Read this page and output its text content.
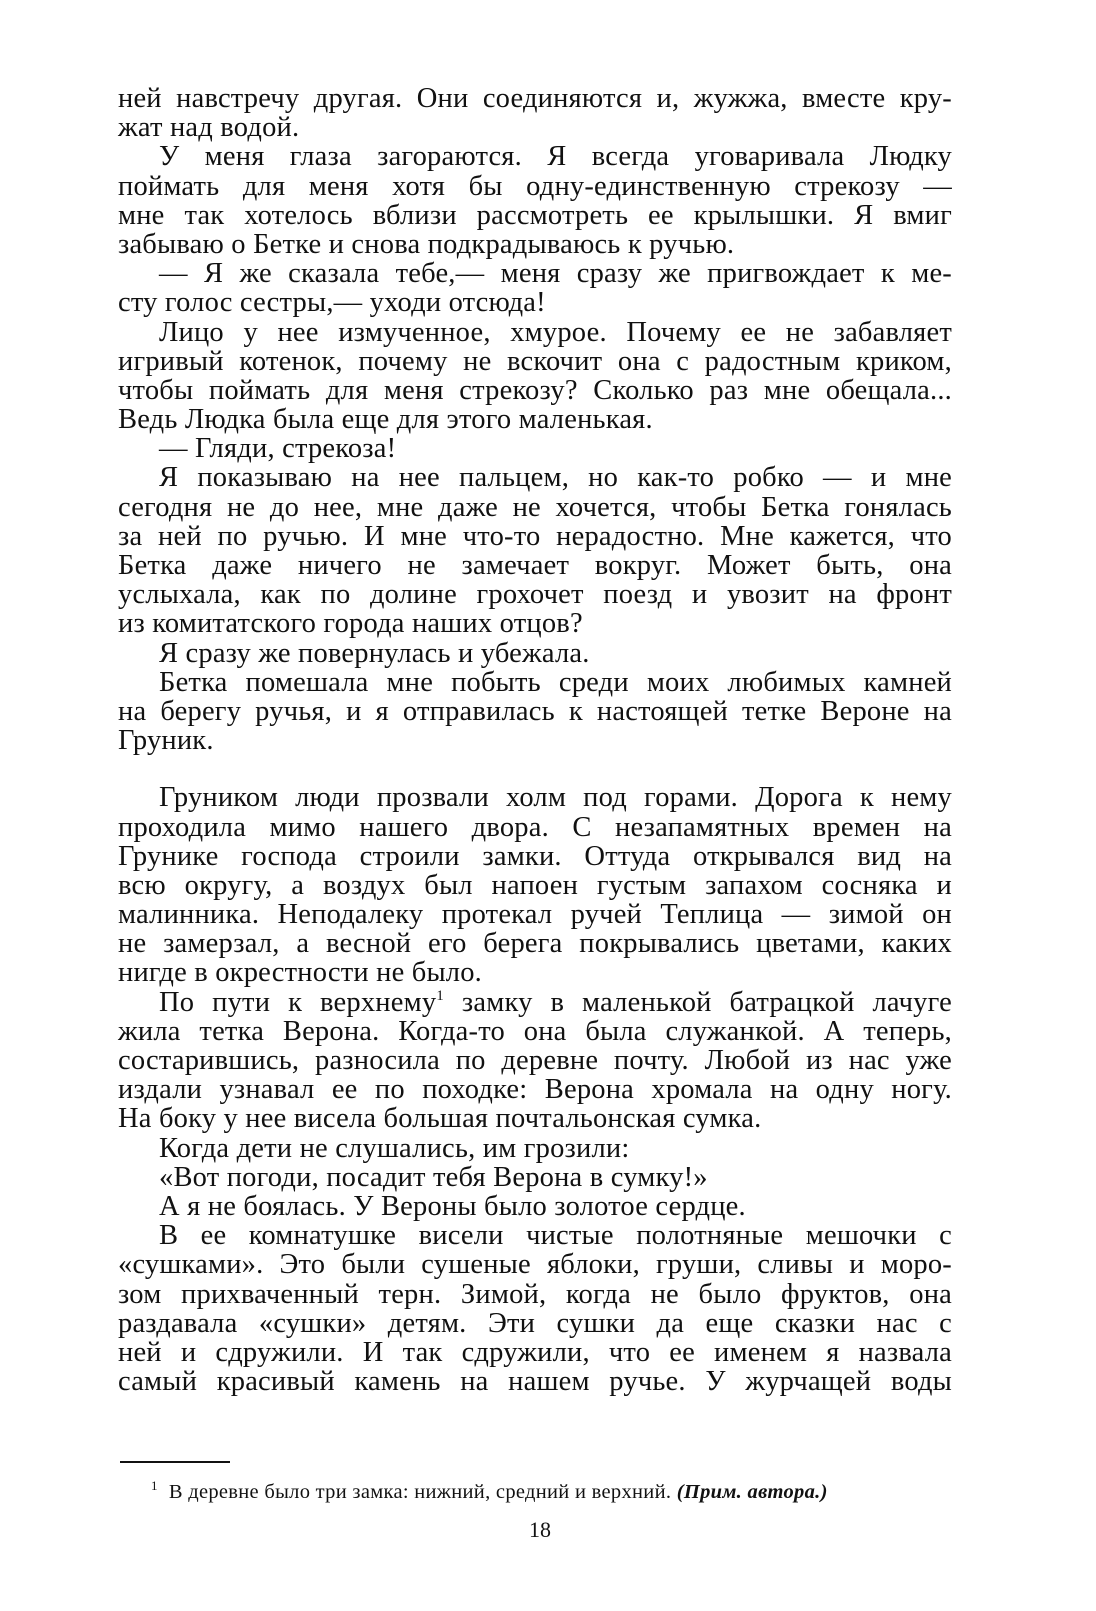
ней навстречу другая. Они соединяются и, жужжа, вместе кру-
жат над водой.
У меня глаза загораются. Я всегда уговаривала Людку
поймать для меня хотя бы одну-единственную стрекозу —
мне так хотелось вблизи рассмотреть ее крылышки. Я вмиг
забываю о Бетке и снова подкрадываюсь к ручью.
— Я же сказала тебе,— меня сразу же пригвождает к ме-
сту голос сестры,— уходи отсюда!
Лицо у нее измученное, хмурое. Почему ее не забавляет
игривый котенок, почему не вскочит она с радостным криком,
чтобы поймать для меня стрекозу? Сколько раз мне обещала...
Ведь Людка была еще для этого маленькая.
— Гляди, стрекоза!
Я показываю на нее пальцем, но как-то робко — и мне
сегодня не до нее, мне даже не хочется, чтобы Бетка гонялась
за ней по ручью. И мне что-то нерадостно. Мне кажется, что
Бетка даже ничего не замечает вокруг. Может быть, она
услыхала, как по долине грохочет поезд и увозит на фронт
из комитатского города наших отцов?
Я сразу же повернулась и убежала.
Бетка помешала мне побыть среди моих любимых камней
на берегу ручья, и я отправилась к настоящей тетке Вероне на
Груник.
Груником люди прозвали холм под горами. Дорога к нему
проходила мимо нашего двора. С незапамятных времен на
Грунике господа строили замки. Оттуда открывался вид на
всю округу, а воздух был напоен густым запахом сосняка и
малинника. Неподалеку протекал ручей Теплица — зимой он
не замерзал, а весной его берега покрывались цветами, каких
нигде в окрестности не было.
По пути к верхнему$^1$ замку в маленькой батрацкой лачуге
жила тетка Верона. Когда-то она была служанкой. А теперь,
состарившись, разносила по деревне почту. Любой из нас уже
издали узнавал ее по походке: Верона хромала на одну ногу.
На боку у нее висела большая почтальонская сумка.
Когда дети не слушались, им грозили:
«Вот погоди, посадит тебя Верона в сумку!»
А я не боялась. У Вероны было золотое сердце.
В ее комнатушке висели чистые полотняные мешочки с
«сушками». Это были сушеные яблоки, груши, сливы и моро-
зом прихваченный терн. Зимой, когда не было фруктов, она
раздавала «сушки» детям. Эти сушки да еще сказки нас с
ней и сдружили. И так сдружили, что ее именем я назвала
самый красивый камень на нашем ручье. У журчащей воды
$^1$ В деревне было три замка: нижний, средний и верхний. (Прим. автора.)
18
